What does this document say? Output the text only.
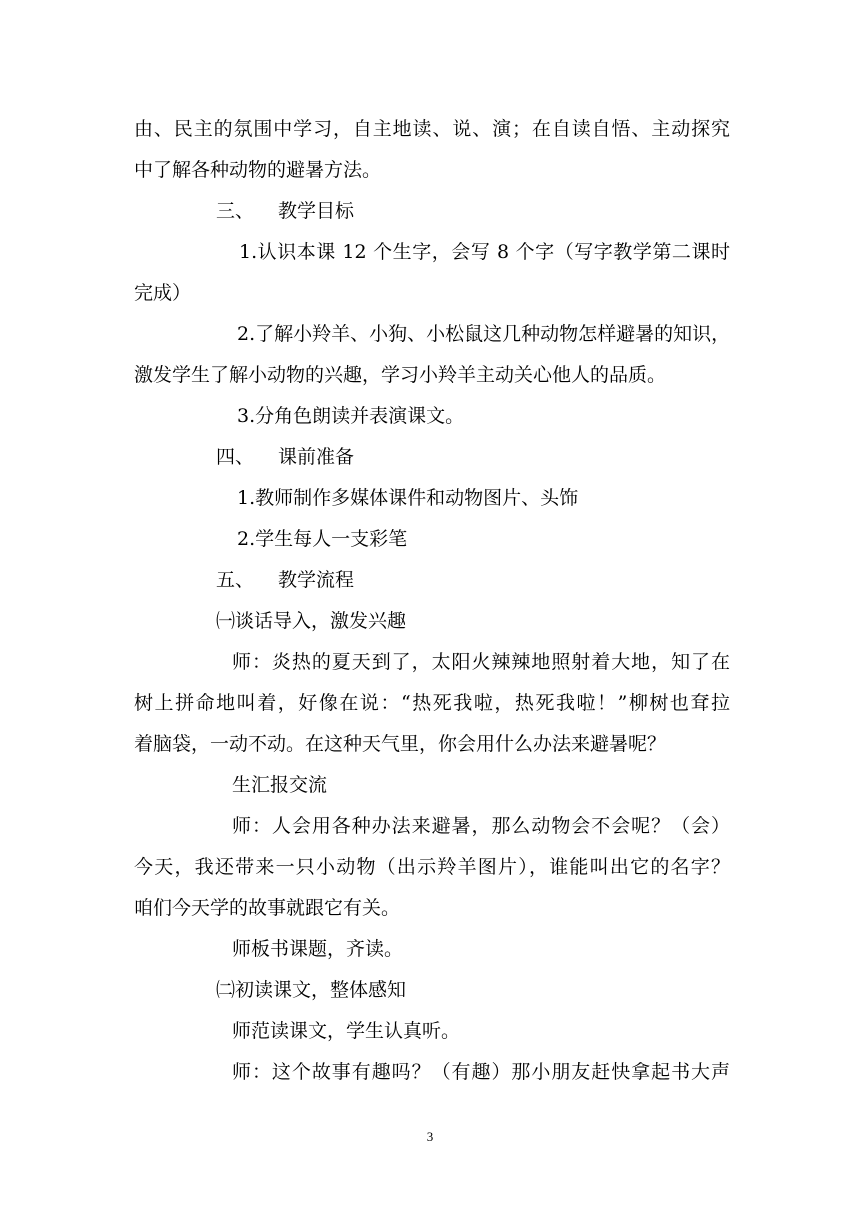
由、民主的氛围中学习，自主地读、说、演；在自读自悟、主动探究
中了解各种动物的避暑方法。
三、 教学目标
1.认识本课 12 个生字，会写 8 个字（写字教学第二课时
完成）
2.了解小羚羊、小狗、小松鼠这几种动物怎样避暑的知识，
激发学生了解小动物的兴趣，学习小羚羊主动关心他人的品质。
3.分角色朗读并表演课文。
四、 课前准备
1.教师制作多媒体课件和动物图片、头饰
2.学生每人一支彩笔
五、 教学流程
㈠谈话导入，激发兴趣
师：炎热的夏天到了，太阳火辣辣地照射着大地，知了在
树上拼命地叫着，好像在说：“热死我啦，热死我啦！”柳树也耷拉
着脑袋，一动不动。在这种天气里，你会用什么办法来避暑呢？
生汇报交流
师：人会用各种办法来避暑，那么动物会不会呢？（会）
今天，我还带来一只小动物（出示羚羊图片），谁能叫出它的名字？
咱们今天学的故事就跟它有关。
师板书课题，齐读。
㈡初读课文，整体感知
师范读课文，学生认真听。
师：这个故事有趣吗？（有趣）那小朋友赶快拿起书大声
3
